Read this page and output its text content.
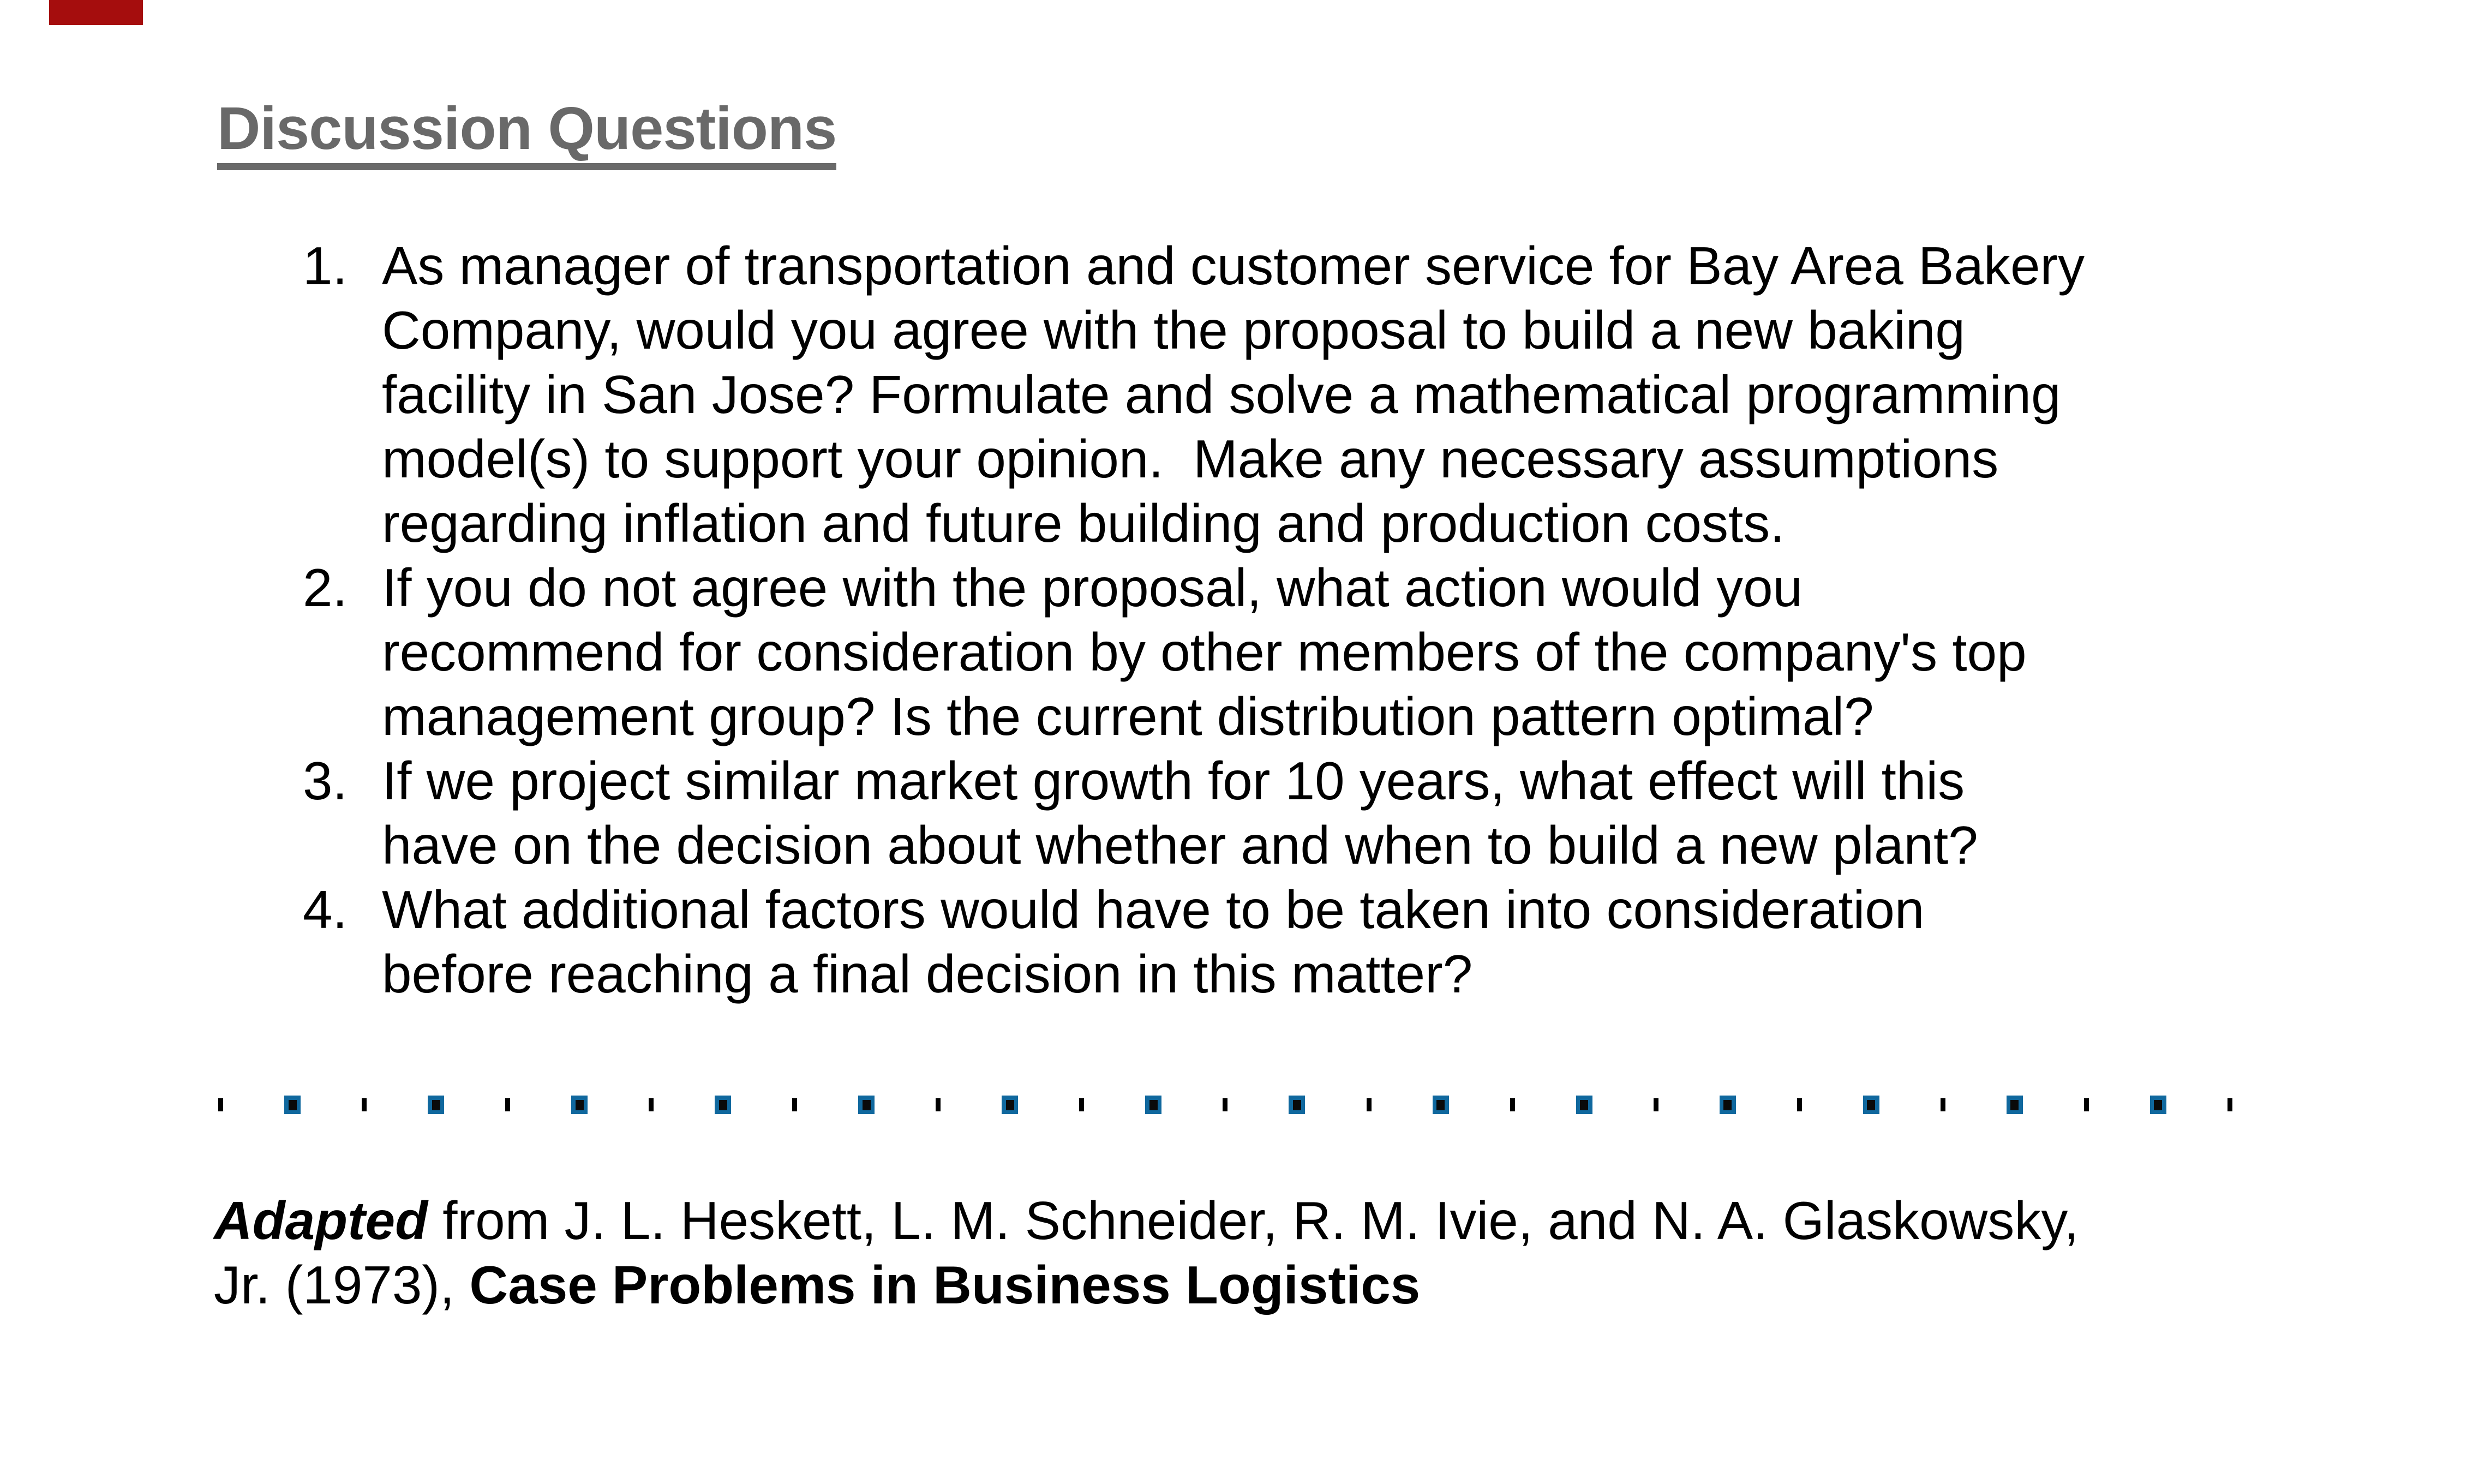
Discussion Questions
1. As manager of transportation and customer service for Bay Area Bakery
Company, would you agree with the proposal to build a new baking
facility in San Jose? Formulate and solve a mathematical programming
model(s) to support your opinion.  Make any necessary assumptions
regarding inflation and future building and production costs.
2. If you do not agree with the proposal, what action would you
recommend for consideration by other members of the company's top
management group? Is the current distribution pattern optimal?
3. If we project similar market growth for 10 years, what effect will this
have on the decision about whether and when to build a new plant?
4. What additional factors would have to be taken into consideration
before reaching a final decision in this matter?
Adapted from J. L. Heskett, L. M. Schneider, R. M. Ivie, and N. A. Glaskowsky,
Jr. (1973), Case Problems in Business Logistics
